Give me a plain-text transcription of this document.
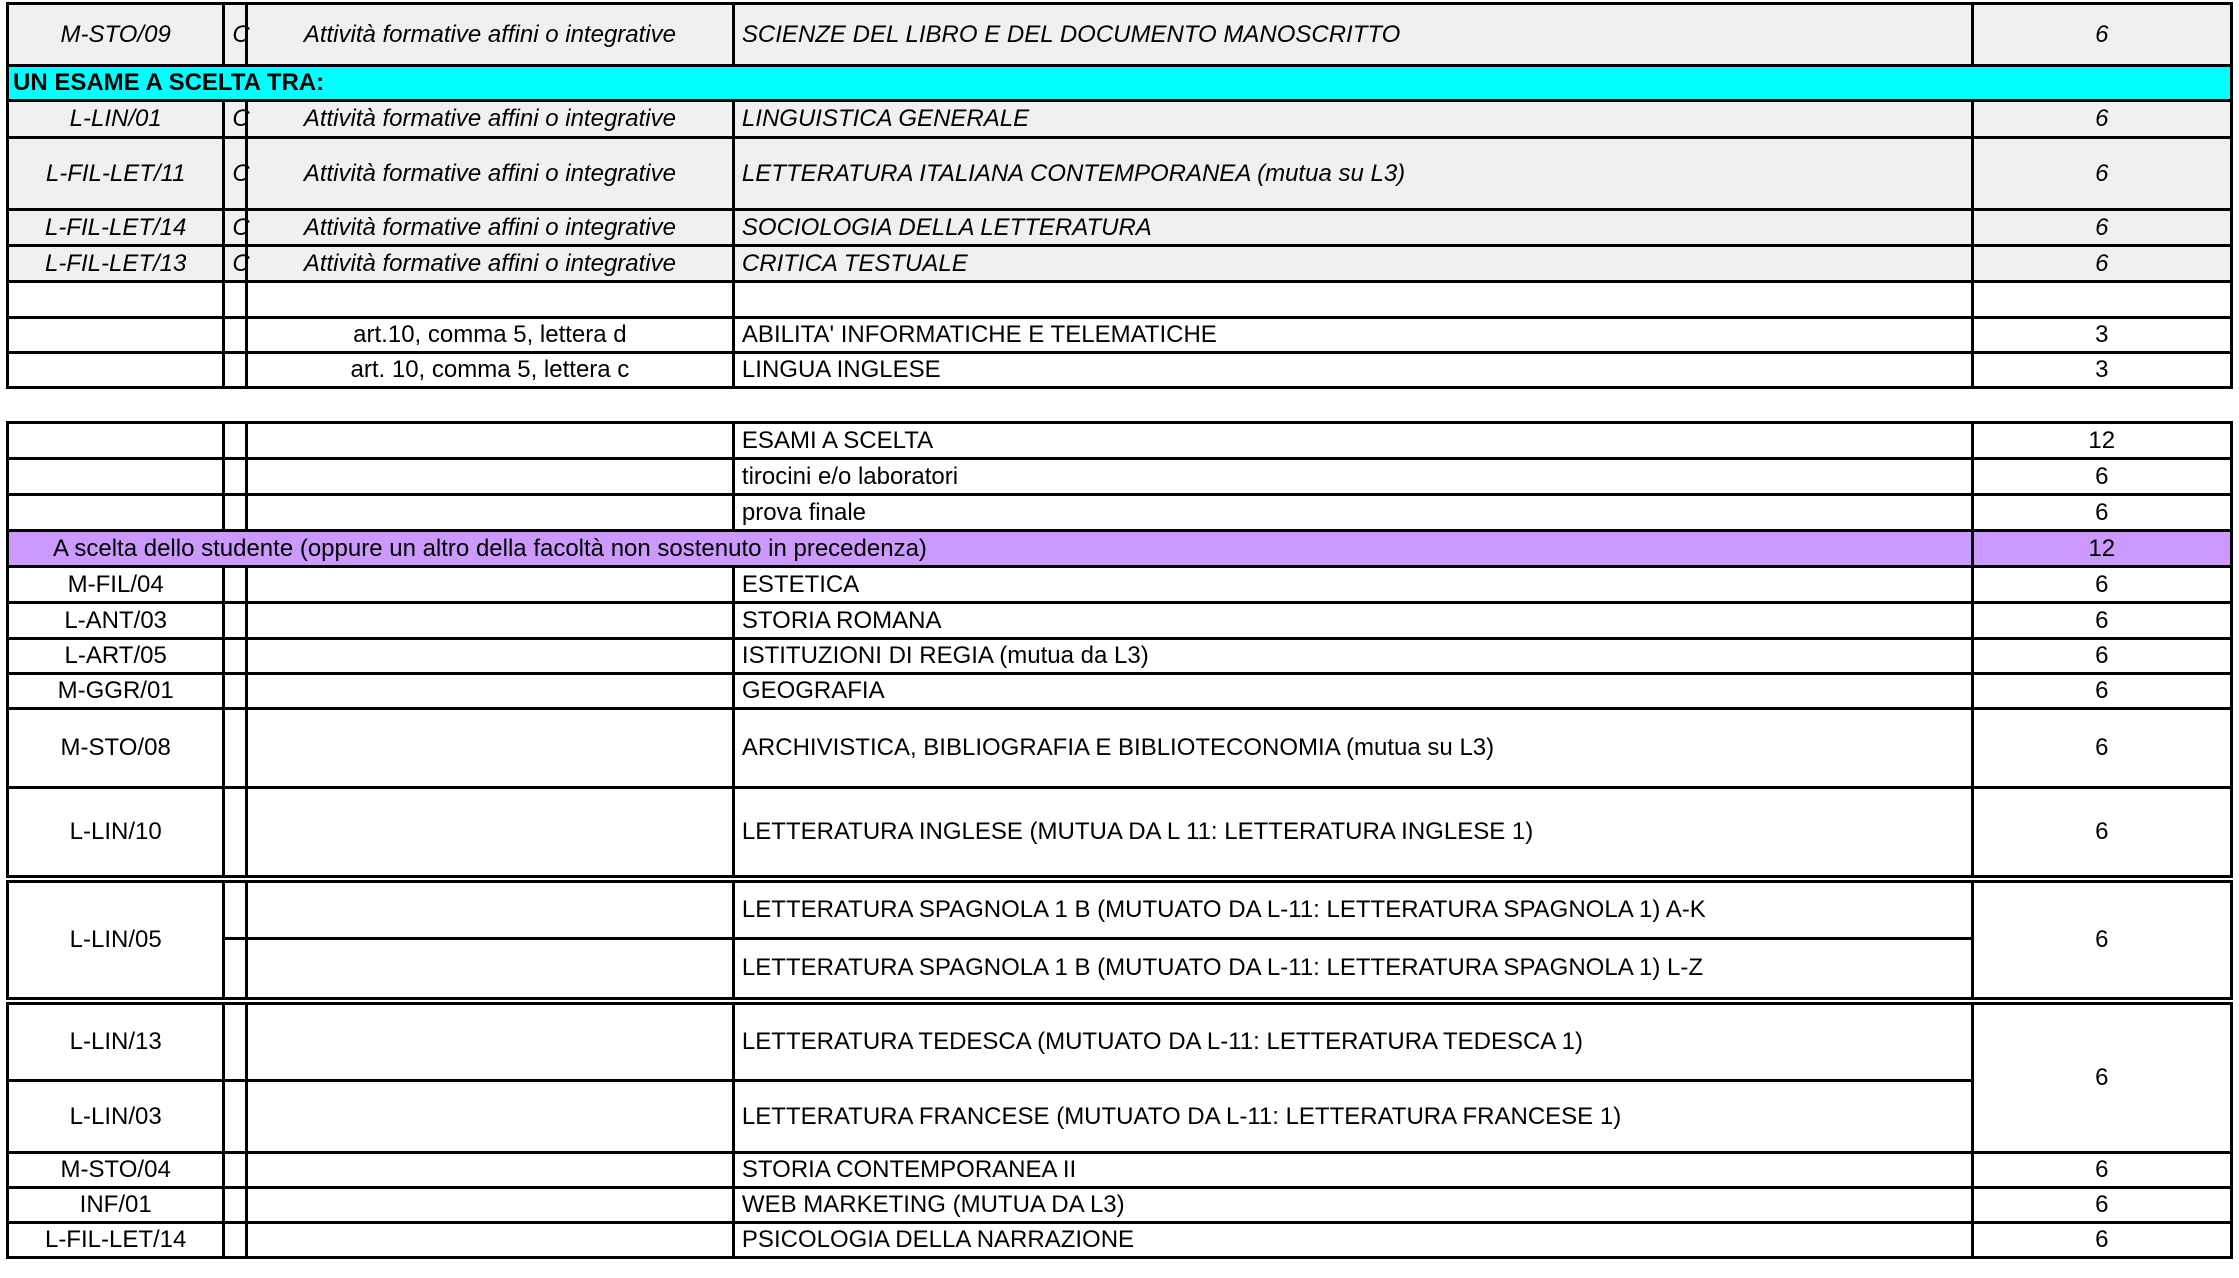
M-STO/09	C	Attività formative affini o integrative	SCIENZE DEL LIBRO E DEL DOCUMENTO MANOSCRITTO	6
UN ESAME A SCELTA TRA:				
L-LIN/01	C	Attività formative affini o integrative	LINGUISTICA GENERALE	6
L-FIL-LET/11	C	Attività formative affini o integrative	LETTERATURA ITALIANA CONTEMPORANEA (mutua su L3)	6
L-FIL-LET/14	C	Attività formative affini o integrative	SOCIOLOGIA DELLA LETTERATURA	6
L-FIL-LET/13	C	Attività formative affini o integrative	CRITICA TESTUALE	6

		art.10, comma 5, lettera d	ABILITA' INFORMATICHE E TELEMATICHE	3
		art. 10, comma 5, lettera c	LINGUA INGLESE	3
			ESAMI A SCELTA	12
			tirocini e/o laboratori	6
			prova finale	6
A scelta dello studente (oppure un altro della facoltà non sostenuto in precedenza)				12
M-FIL/04			ESTETICA	6
L-ANT/03			STORIA ROMANA	6
L-ART/05			ISTITUZIONI DI REGIA (mutua da L3)	6
M-GGR/01			GEOGRAFIA	6
M-STO/08			ARCHIVISTICA, BIBLIOGRAFIA E BIBLIOTECONOMIA (mutua su L3)	6
L-LIN/10			LETTERATURA INGLESE (MUTUA DA L 11: LETTERATURA INGLESE 1)	6
L-LIN/05			LETTERATURA SPAGNOLA 1 B (MUTUATO DA L-11: LETTERATURA SPAGNOLA 1) A-K	6
			LETTERATURA SPAGNOLA 1 B (MUTUATO DA L-11: LETTERATURA SPAGNOLA 1) L-Z	
L-LIN/13			LETTERATURA TEDESCA (MUTUATO DA L-11: LETTERATURA TEDESCA 1)	6
L-LIN/03			LETTERATURA FRANCESE (MUTUATO DA L-11: LETTERATURA FRANCESE 1)	
M-STO/04			STORIA CONTEMPORANEA II	6
INF/01			WEB MARKETING (MUTUA DA L3)	6
L-FIL-LET/14			PSICOLOGIA DELLA NARRAZIONE	6
